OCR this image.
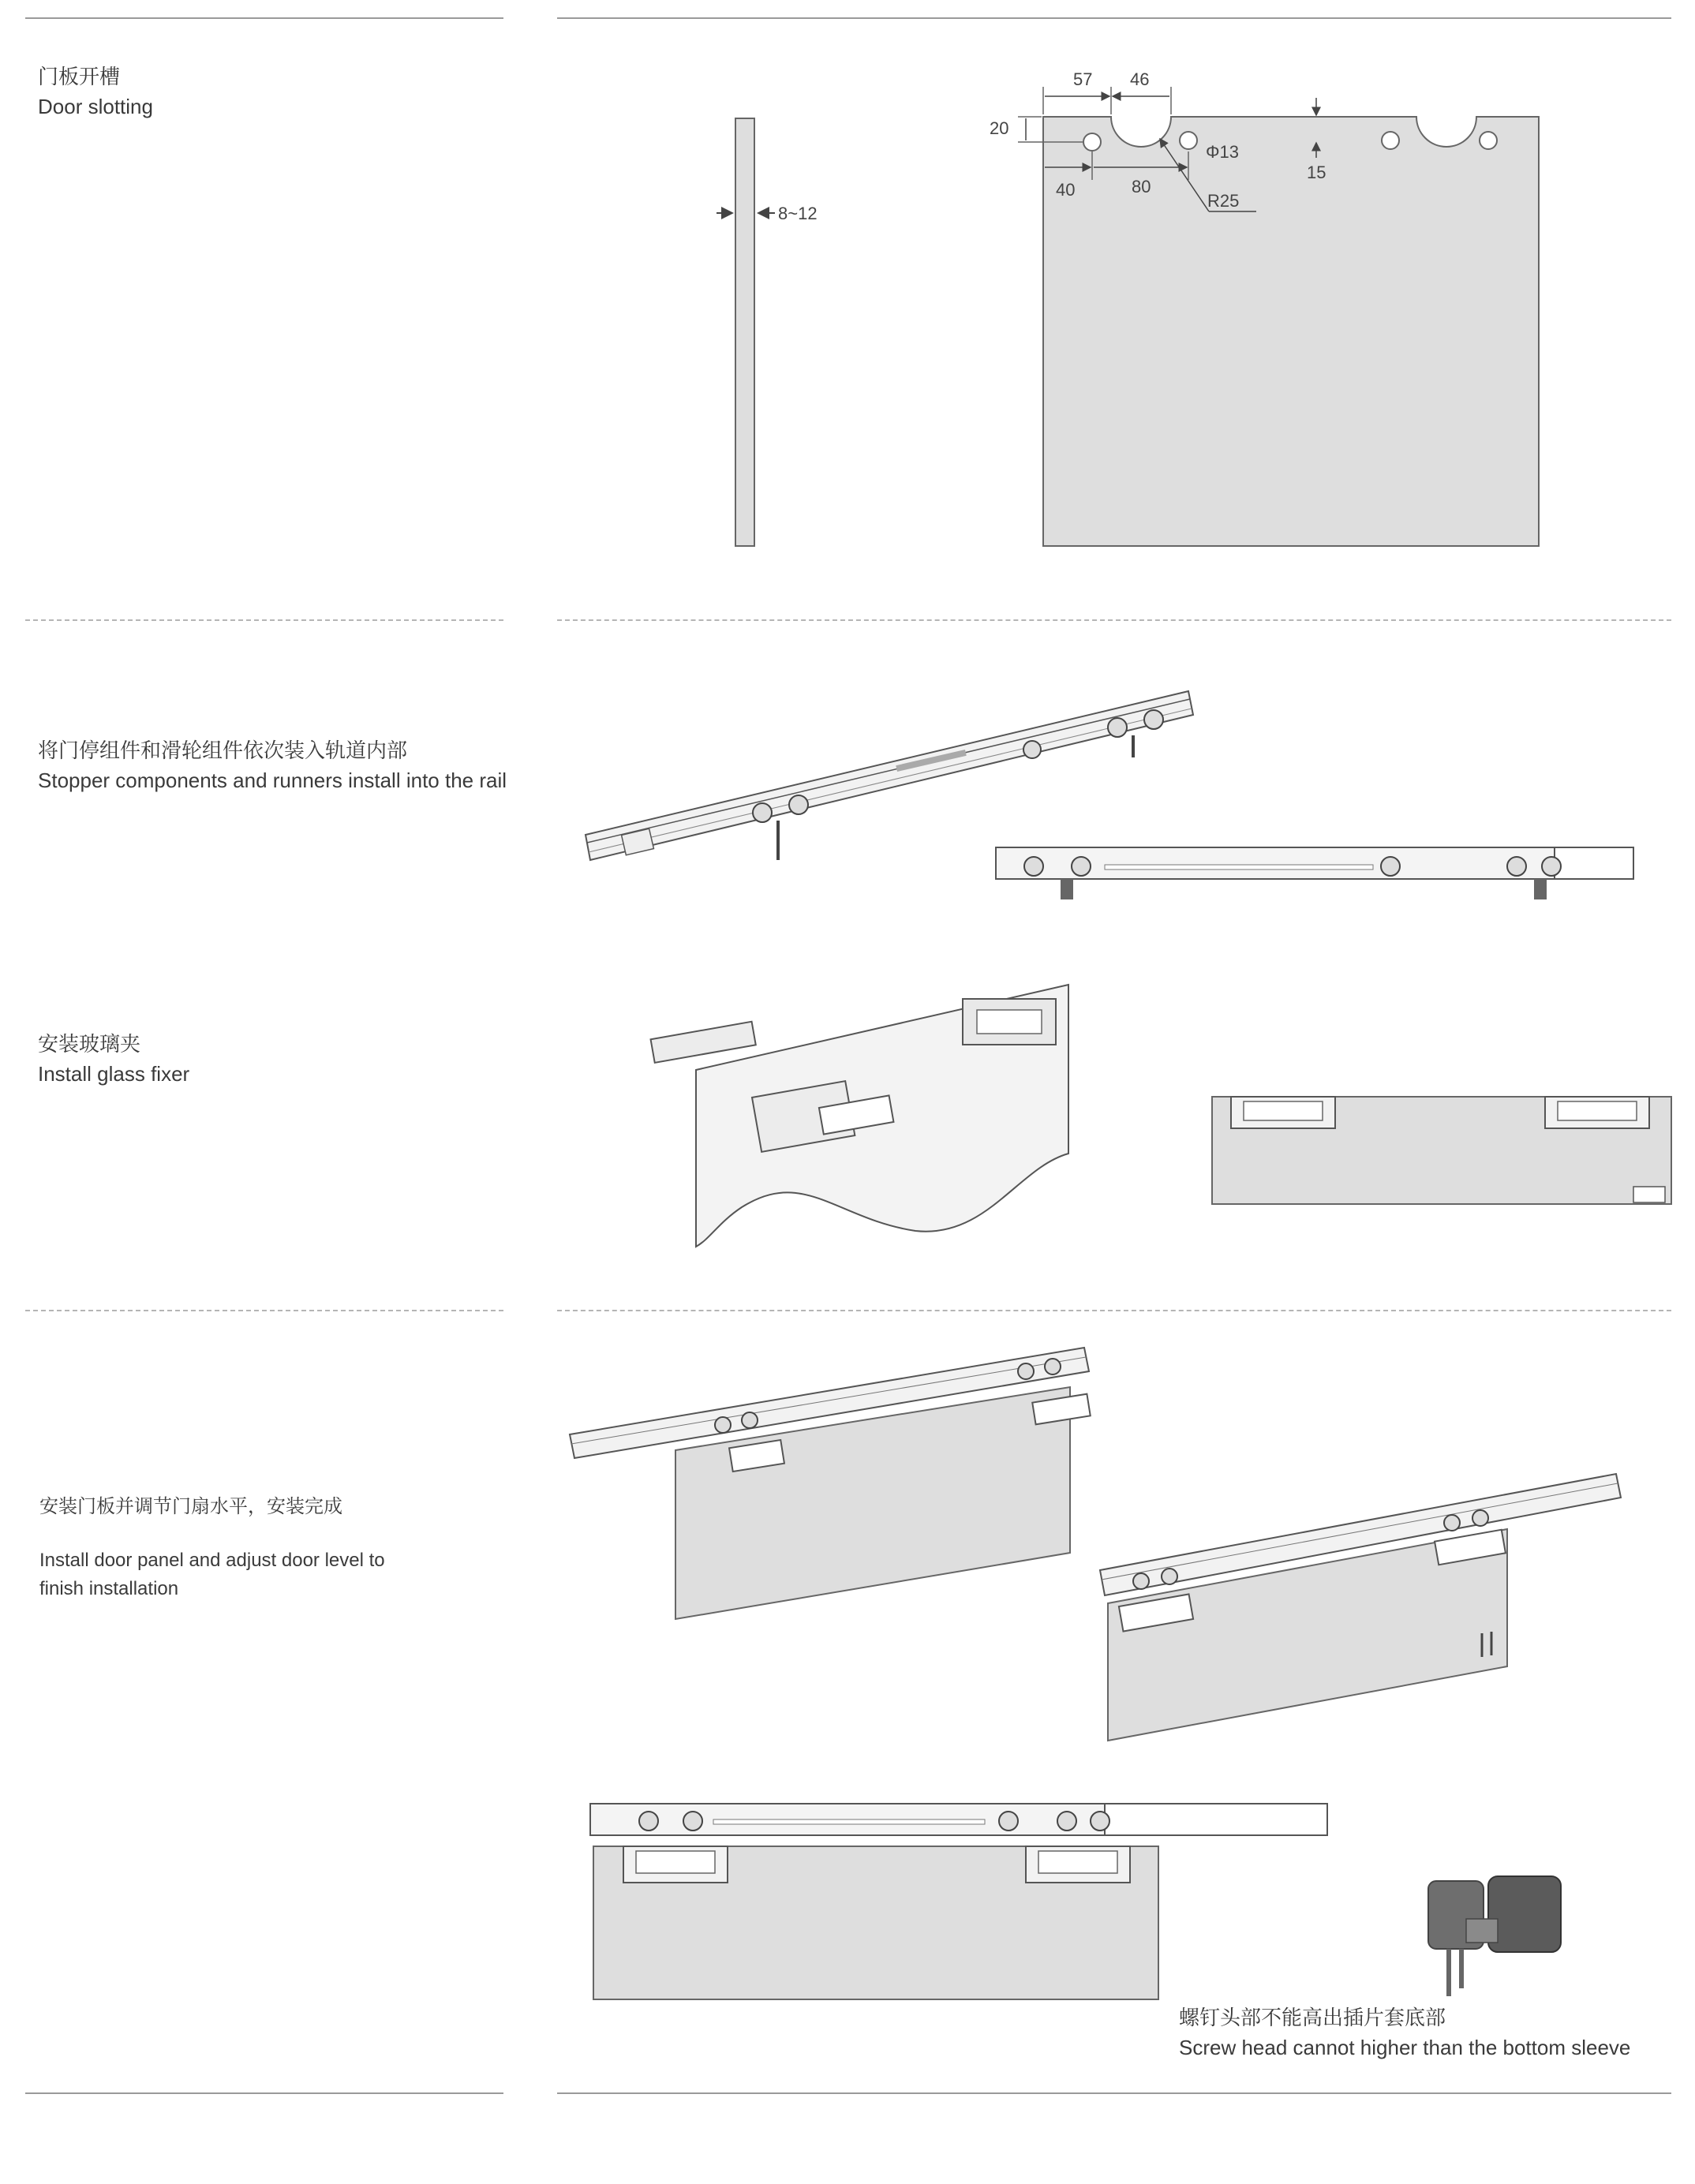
门板开槽
Door slotting
将门停组件和滑轮组件依次装入轨道内部
Stopper components and runners install into the rail
安装玻璃夹
Install glass fixer
安装门板并调节门扇水平，安装完成
Install door panel and adjust door level to
finish installation
螺钉头部不能高出插片套底部
Screw head cannot higher than the bottom sleeve
8~12
57 46
20
40	80
Φ13
R25
15
